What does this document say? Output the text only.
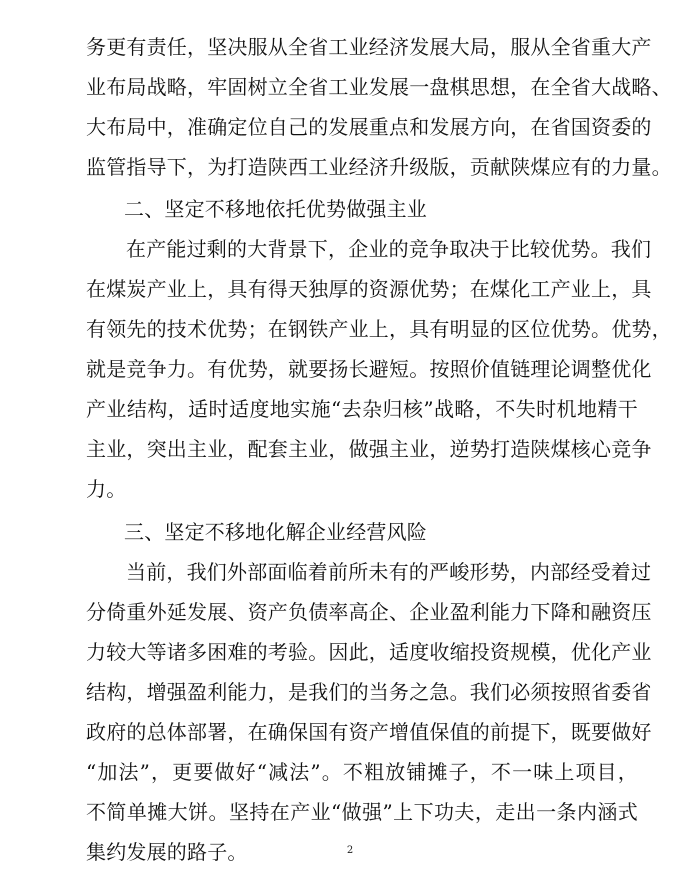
务更有责任，坚决服从全省工业经济发展大局，服从全省重大产
业布局战略，牢固树立全省工业发展一盘棋思想，在全省大战略、
大布局中，准确定位自己的发展重点和发展方向，在省国资委的
监管指导下，为打造陕西工业经济升级版，贡献陕煤应有的力量。
二、坚定不移地依托优势做强主业
在产能过剩的大背景下，企业的竞争取决于比较优势。我们
在煤炭产业上，具有得天独厚的资源优势；在煤化工产业上，具
有领先的技术优势；在钢铁产业上，具有明显的区位优势。优势，
就是竞争力。有优势，就要扬长避短。按照价值链理论调整优化
产业结构，适时适度地实施“去杂归核”战略，不失时机地精干
主业，突出主业，配套主业，做强主业，逆势打造陕煤核心竞争
力。
三、坚定不移地化解企业经营风险
当前，我们外部面临着前所未有的严峻形势，内部经受着过
分倚重外延发展、资产负债率高企、企业盈利能力下降和融资压
力较大等诸多困难的考验。因此，适度收缩投资规模，优化产业
结构，增强盈利能力，是我们的当务之急。我们必须按照省委省
政府的总体部署，在确保国有资产增值保值的前提下，既要做好
“加法”，更要做好“减法”。不粗放铺摊子，不一味上项目，
不简单摊大饼。坚持在产业“做强”上下功夫，走出一条内涵式
集约发展的路子。	2
